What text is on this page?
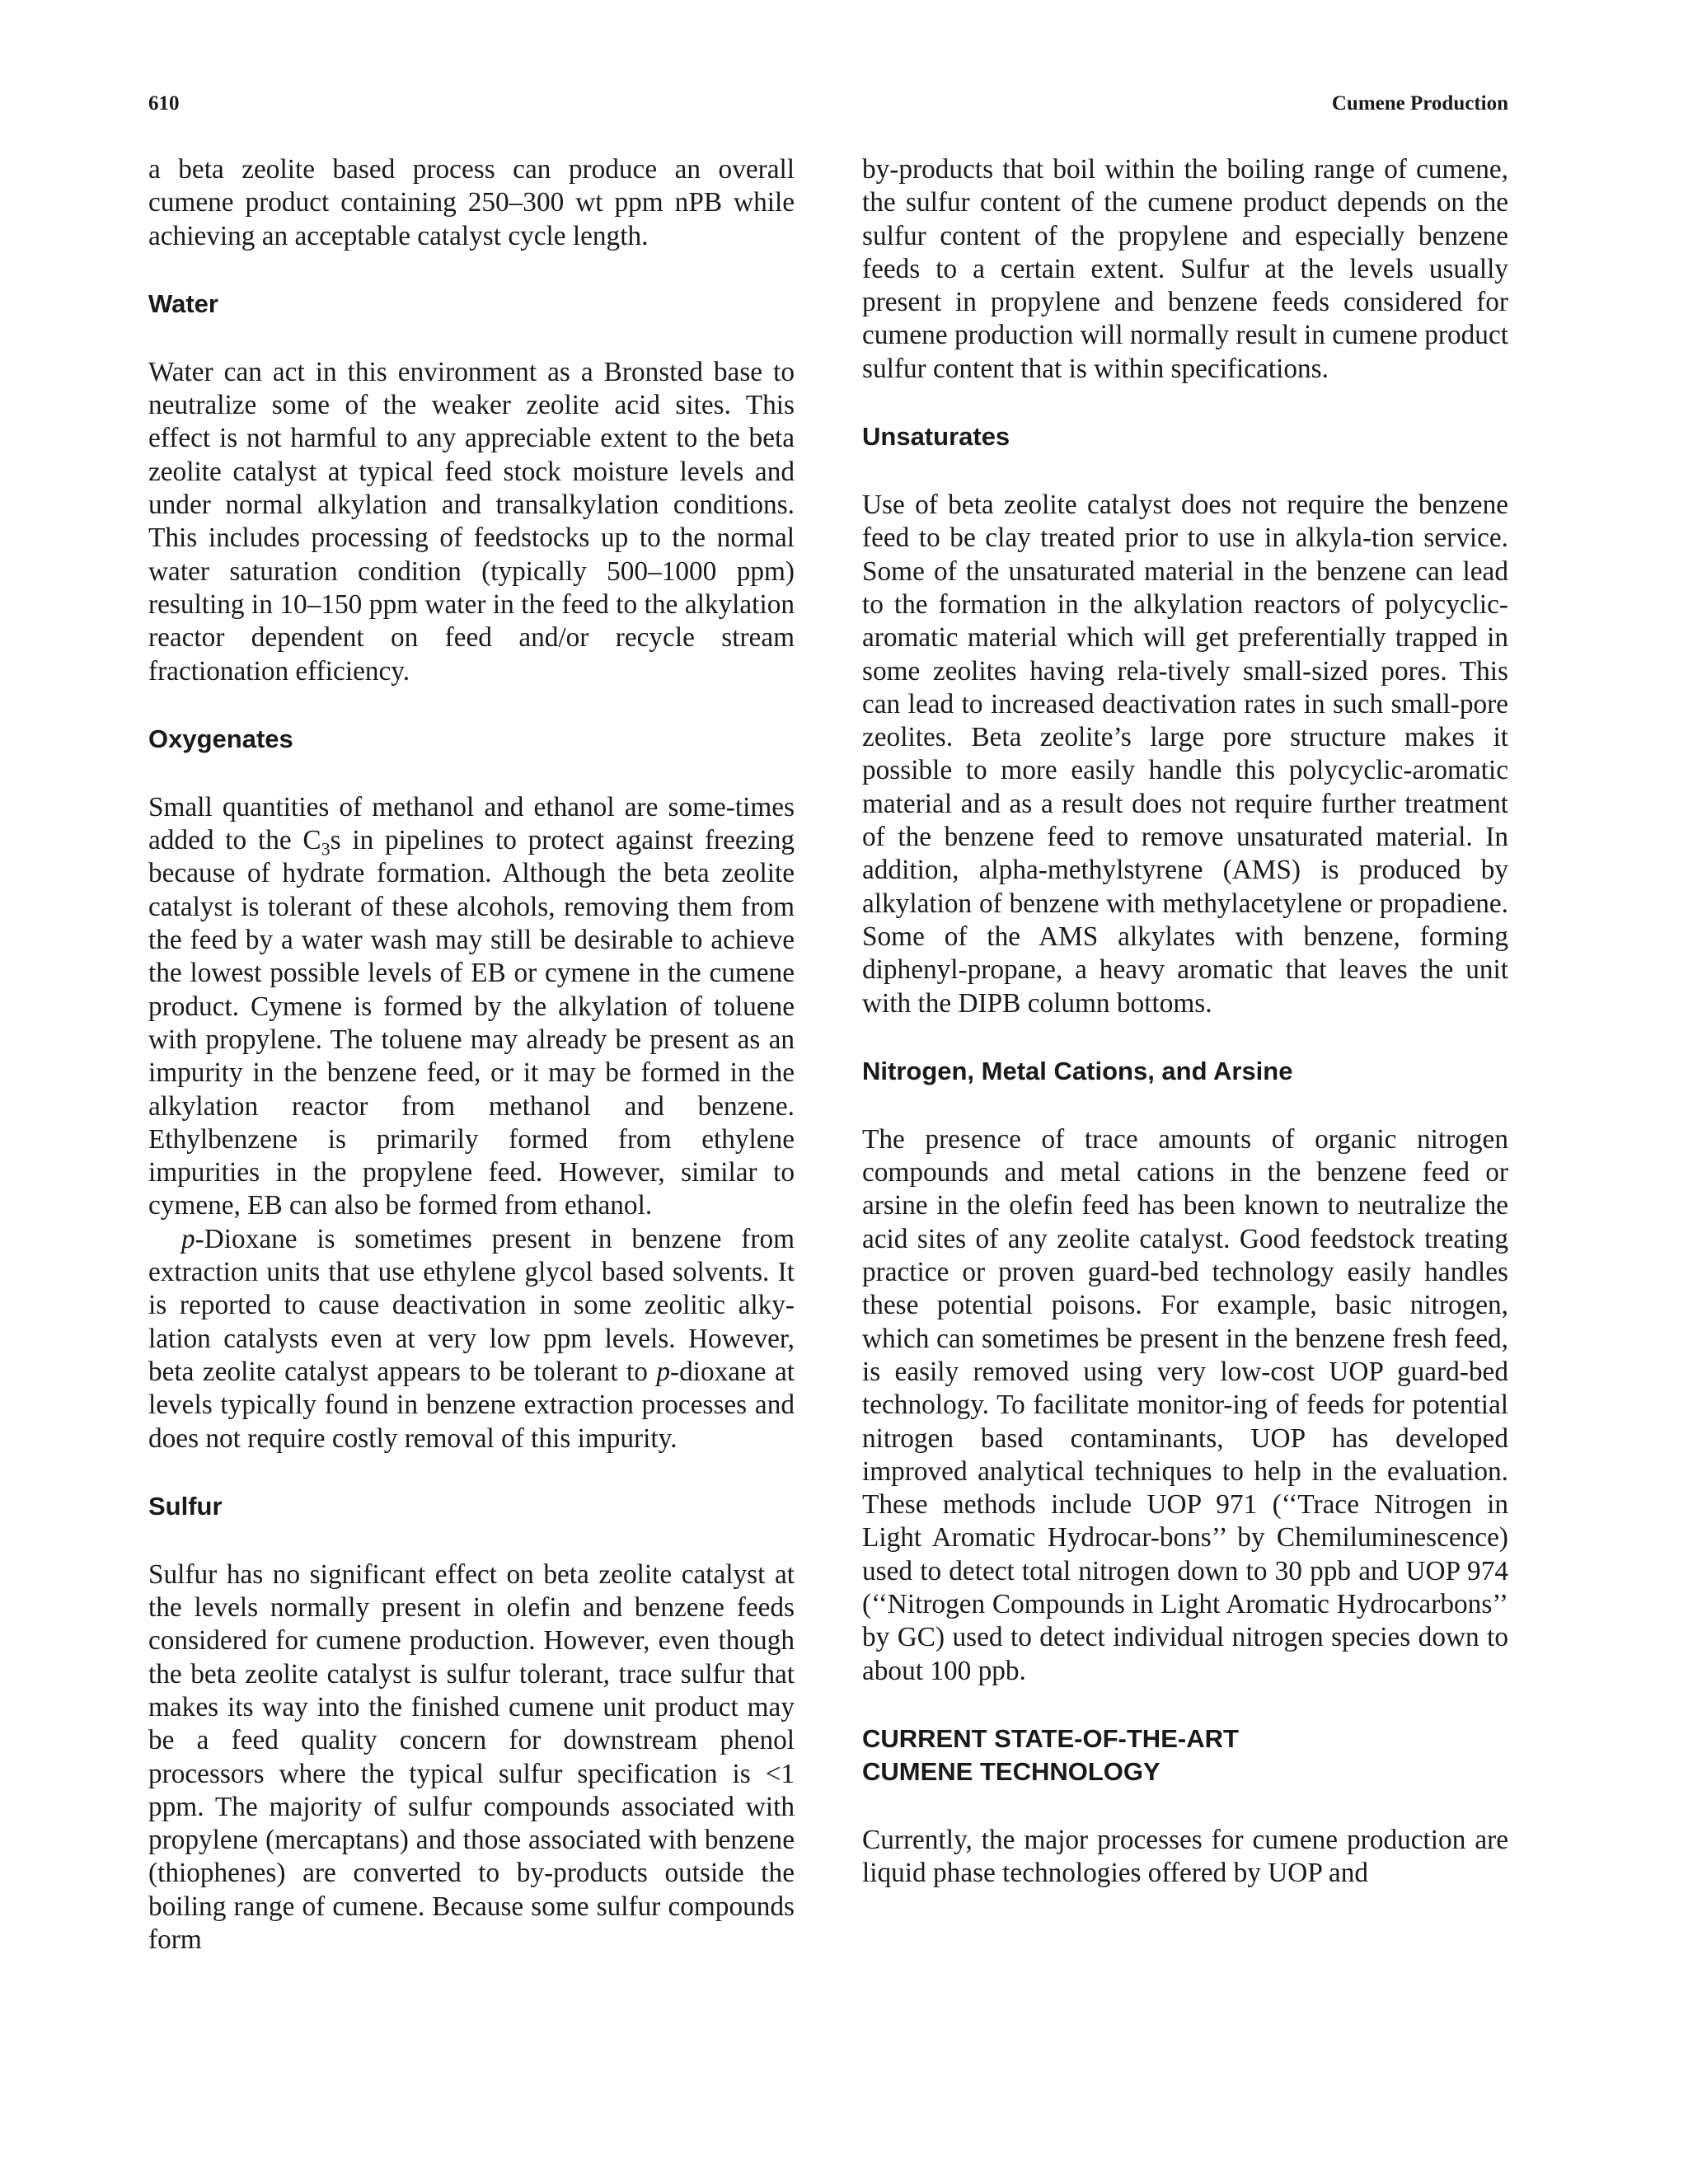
610	Cumene Production

a beta zeolite based process can produce an overall cumene product containing 250–300 wt ppm nPB while achieving an acceptable catalyst cycle length.

Water

Water can act in this environment as a Bronsted base to neutralize some of the weaker zeolite acid sites. This effect is not harmful to any appreciable extent to the beta zeolite catalyst at typical feed stock moisture levels and under normal alkylation and transalkylation conditions. This includes processing of feedstocks up to the normal water saturation condition (typically 500–1000 ppm) resulting in 10–150 ppm water in the feed to the alkylation reactor dependent on feed and/or recycle stream fractionation efficiency.

Oxygenates

Small quantities of methanol and ethanol are some-times added to the $C_3s$ in pipelines to protect against freezing because of hydrate formation. Although the beta zeolite catalyst is tolerant of these alcohols, removing them from the feed by a water wash may still be desirable to achieve the lowest possible levels of EB or cymene in the cumene product. Cymene is formed by the alkylation of toluene with propylene. The toluene may already be present as an impurity in the benzene feed, or it may be formed in the alkylation reactor from methanol and benzene. Ethylbenzene is primarily formed from ethylene impurities in the propylene feed. However, similar to cymene, EB can also be formed from ethanol.

p-Dioxane is sometimes present in benzene from extraction units that use ethylene glycol based solvents. It is reported to cause deactivation in some zeolitic alky-lation catalysts even at very low ppm levels. However, beta zeolite catalyst appears to be tolerant to p-dioxane at levels typically found in benzene extraction processes and does not require costly removal of this impurity.

Sulfur

Sulfur has no significant effect on beta zeolite catalyst at the levels normally present in olefin and benzene feeds considered for cumene production. However, even though the beta zeolite catalyst is sulfur tolerant, trace sulfur that makes its way into the finished cumene unit product may be a feed quality concern for downstream phenol processors where the typical sulfur specification is <1 ppm. The majority of sulfur compounds associated with propylene (mercaptans) and those associated with benzene (thiophenes) are converted to by-products outside the boiling range of cumene. Because some sulfur compounds form

by-products that boil within the boiling range of cumene, the sulfur content of the cumene product depends on the sulfur content of the propylene and especially benzene feeds to a certain extent. Sulfur at the levels usually present in propylene and benzene feeds considered for cumene production will normally result in cumene product sulfur content that is within specifications.

Unsaturates

Use of beta zeolite catalyst does not require the benzene feed to be clay treated prior to use in alkyla-tion service. Some of the unsaturated material in the benzene can lead to the formation in the alkylation reactors of polycyclic-aromatic material which will get preferentially trapped in some zeolites having rela-tively small-sized pores. This can lead to increased deactivation rates in such small-pore zeolites. Beta zeolite’s large pore structure makes it possible to more easily handle this polycyclic-aromatic material and as a result does not require further treatment of the benzene feed to remove unsaturated material. In addition, alpha-methylstyrene (AMS) is produced by alkylation of benzene with methylacetylene or propadiene. Some of the AMS alkylates with benzene, forming diphenyl-propane, a heavy aromatic that leaves the unit with the DIPB column bottoms.

Nitrogen, Metal Cations, and Arsine

The presence of trace amounts of organic nitrogen compounds and metal cations in the benzene feed or arsine in the olefin feed has been known to neutralize the acid sites of any zeolite catalyst. Good feedstock treating practice or proven guard-bed technology easily handles these potential poisons. For example, basic nitrogen, which can sometimes be present in the benzene fresh feed, is easily removed using very low-cost UOP guard-bed technology. To facilitate monitor-ing of feeds for potential nitrogen based contaminants, UOP has developed improved analytical techniques to help in the evaluation. These methods include UOP 971 (‘‘Trace Nitrogen in Light Aromatic Hydrocar-bons’’ by Chemiluminescence) used to detect total nitrogen down to 30 ppb and UOP 974 (‘‘Nitrogen Compounds in Light Aromatic Hydrocarbons’’ by GC) used to detect individual nitrogen species down to about 100 ppb.

CURRENT STATE-OF-THE-ART
CUMENE TECHNOLOGY

Currently, the major processes for cumene production are liquid phase technologies offered by UOP and
